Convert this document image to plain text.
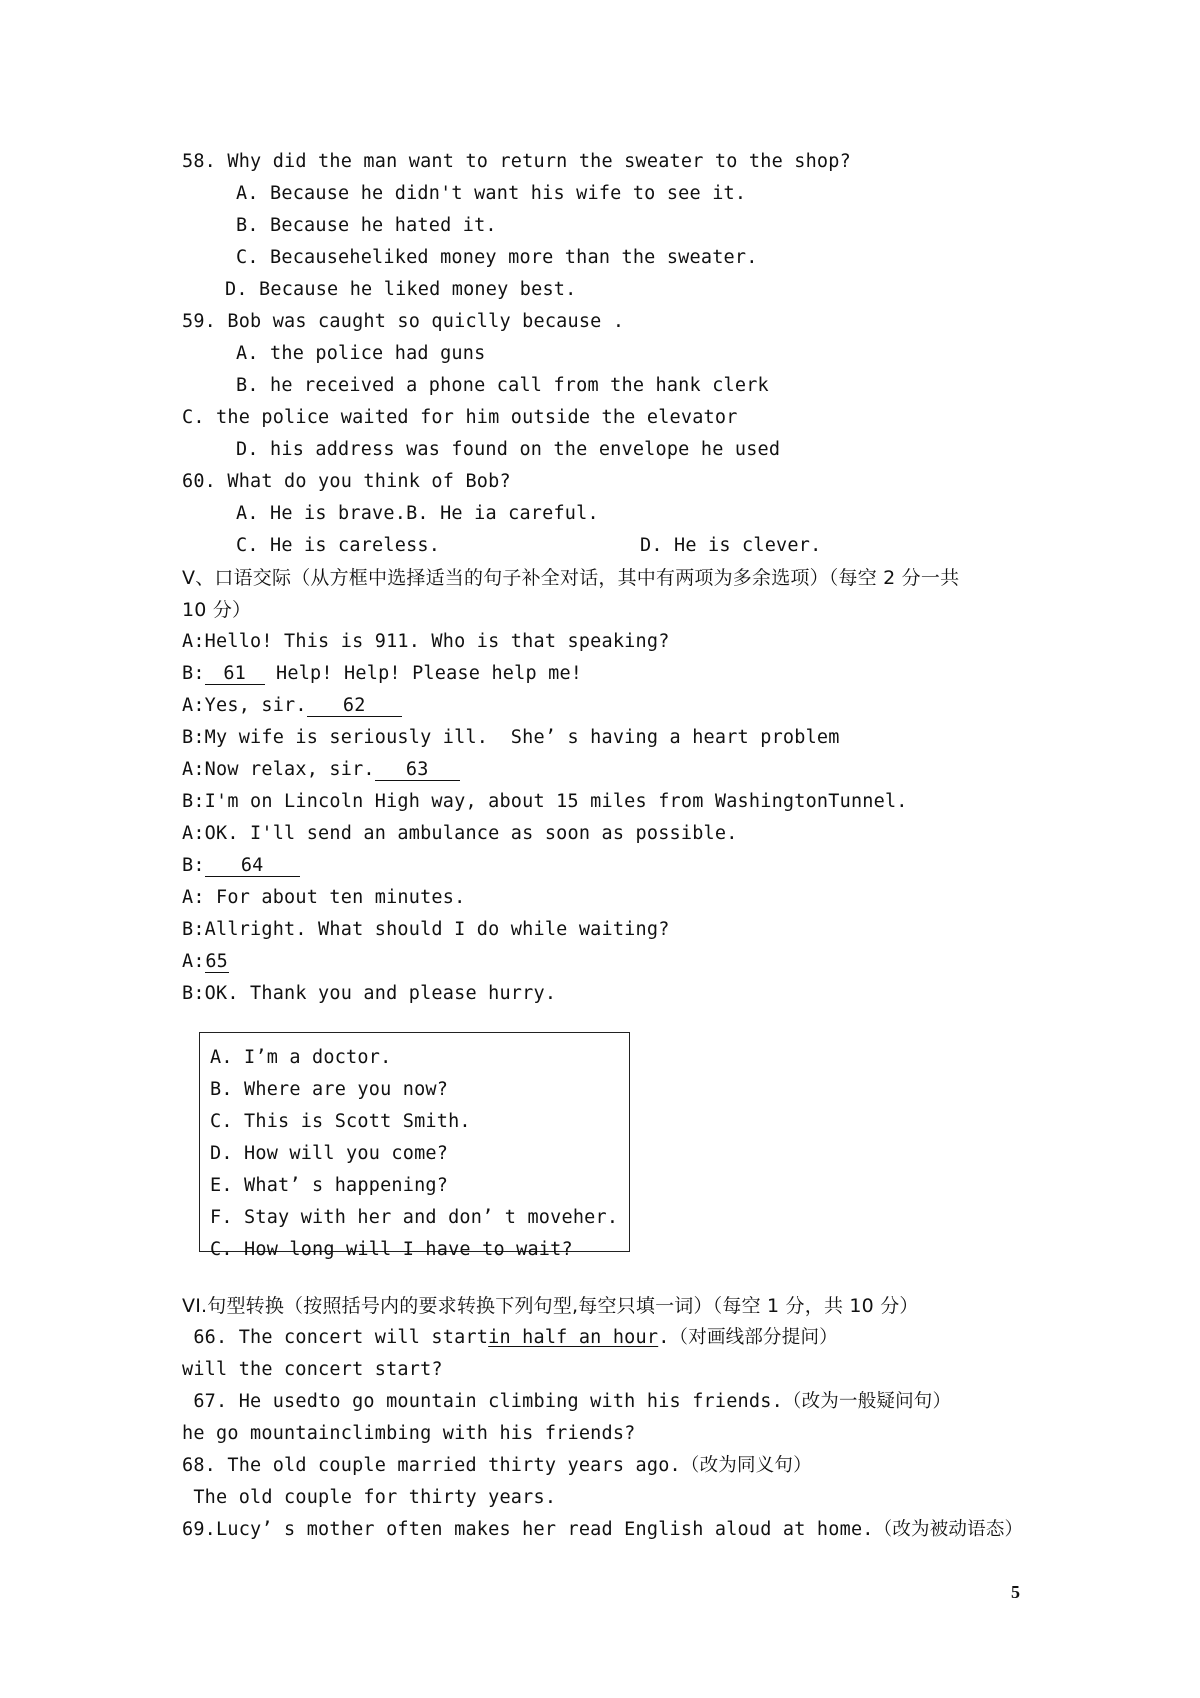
58. Why did the man want to return the sweater to the shop?
A. Because he didn't want his wife to see it.
B. Because he hated it.
C. Becauseheliked money more than the sweater.
D. Because he liked money best.
59. Bob was caught so quiclly because .
A. the police had guns
B. he received a phone call from the hank clerk
C. the police waited for him outside the elevator
D. his address was found on the envelope he used
60. What do you think of Bob?
A. He is brave.B. He ia careful.
C. He is careless.	D. He is clever.
V、口语交际（从方框中选择适当的句子补全对话，其中有两项为多余选项）（每空 2 分一共
10 分）
A:Hello! This is 911. Who is that speaking?
B: 61 Help! Help! Please help me!
A:Yes, sir. 62
B:My wife is seriously ill.  She’ s having a heart problem
A:Now relax, sir. 63
B:I'm on Lincoln High way, about 15 miles from WashingtonTunnel.
A:OK. I'll send an ambulance as soon as possible.
B: 64
A: For about ten minutes.
B:Allright. What should I do while waiting?
A:65
B:OK. Thank you and please hurry.
A. I’m a doctor.
B. Where are you now?
C. This is Scott Smith.
D. How will you come?
E. What’ s happening?
F. Stay with her and don’ t movehe​r.
C. How long will I have to wait?
VI.句型转换（按照括号内的要求转换下列句型,每空只填一词）（每空 1 分，共 10 分）
66. The concert will startin half an hour.（对画线部分提问）
will the concert start?
67. He usedto go mountain climbing with his friends.（改为一般疑问句）
he go mountainclimbing with his friends?
68. The old couple married thirty years ago.（改为同义句）
The old couple for thirty years.
69.Lucy’ s mother often makes her read English aloud at home.（改为被动语态）
5
